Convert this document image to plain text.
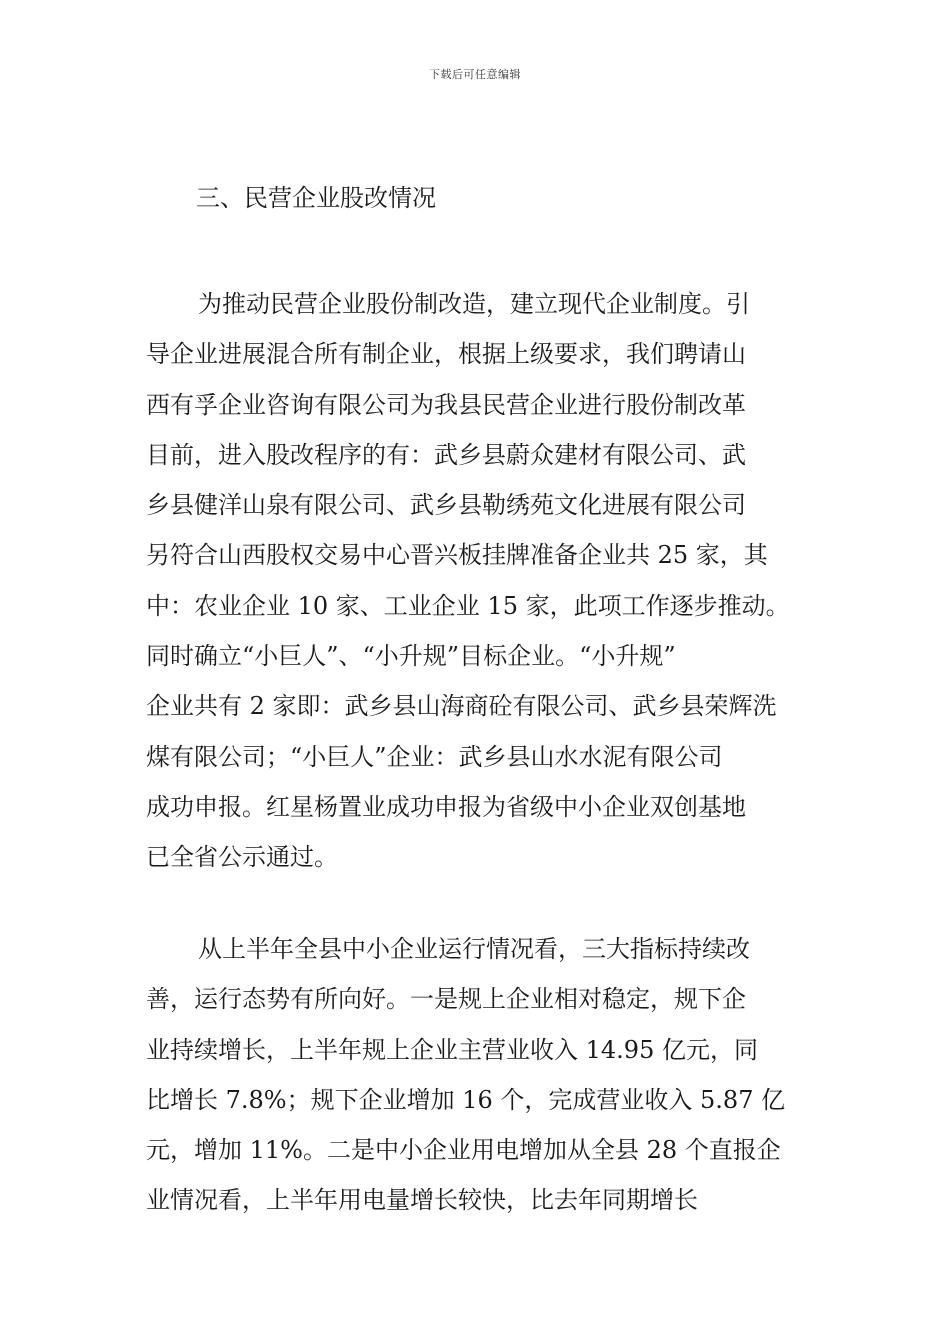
下载后可任意编辑
三、民营企业股改情况
为推动民营企业股份制改造，建立现代企业制度。引
导企业进展混合所有制企业，根据上级要求，我们聘请山
西有孚企业咨询有限公司为我县民营企业进行股份制改革
目前，进入股改程序的有：武乡县蔚众建材有限公司、武
乡县健洋山泉有限公司、武乡县勒绣苑文化进展有限公司
另符合山西股权交易中心晋兴板挂牌准备企业共 25 家，其
中：农业企业 10 家、工业企业 15 家，此项工作逐步推动。
同时确立“小巨人”、“小升规”目标企业。“小升规”
企业共有 2 家即：武乡县山海商砼有限公司、武乡县荣辉洗
煤有限公司；“小巨人”企业：武乡县山水水泥有限公司
成功申报。红星杨置业成功申报为省级中小企业双创基地
已全省公示通过。
从上半年全县中小企业运行情况看，三大指标持续改
善，运行态势有所向好。一是规上企业相对稳定，规下企
业持续增长，上半年规上企业主营业收入 14.95 亿元，同
比增长 7.8%；规下企业增加 16 个，完成营业收入 5.87 亿
元，增加 11%。二是中小企业用电增加从全县 28 个直报企
业情况看，上半年用电量增长较快，比去年同期增长
